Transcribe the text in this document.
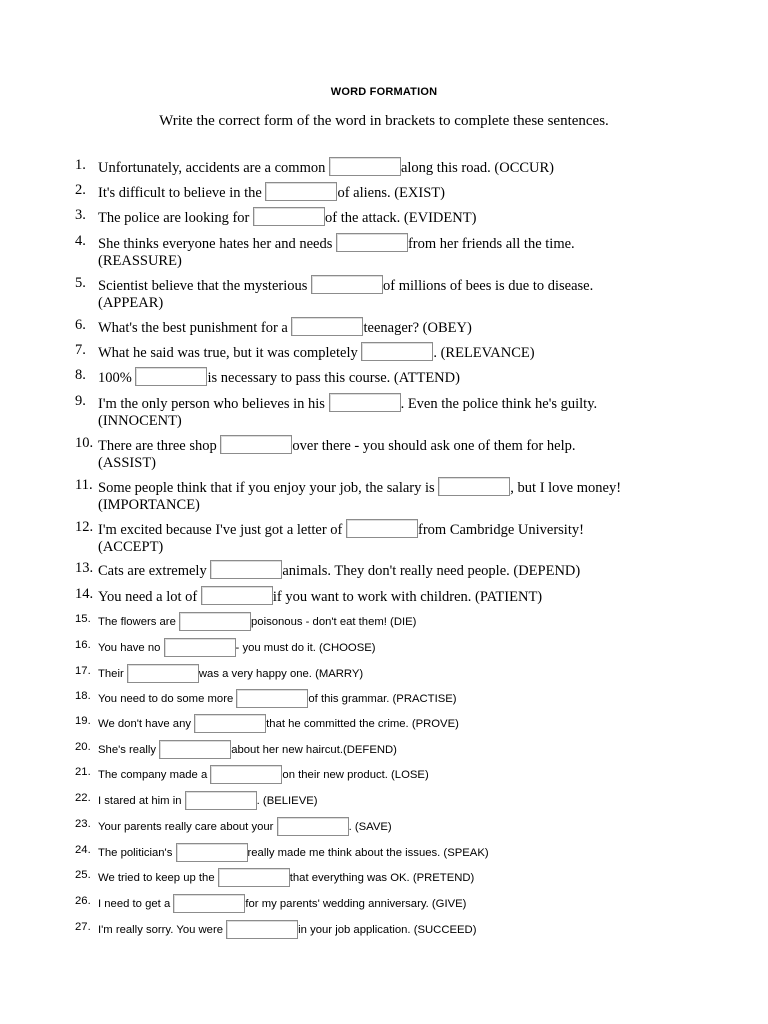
WORD FORMATION
Write the correct form of the word in brackets to complete these sentences.
1. Unfortunately, accidents are a common	along this road. (OCCUR)
2. It's difficult to believe in the	of aliens. (EXIST)
3. The police are looking for	of the attack. (EVIDENT)
4. She thinks everyone hates her and needs	from her friends all the time.
(REASSURE)
5. Scientist believe that the mysterious	of millions of bees is due to disease.
(APPEAR)
6. What's the best punishment for a	teenager? (OBEY)
7. What he said was true, but it was completely	. (RELEVANCE)
8. 100%	is necessary to pass this course. (ATTEND)
9. I'm the only person who believes in his	. Even the police think he's guilty.
(INNOCENT)
10. There are three shop	over there - you should ask one of them for help.
(ASSIST)
11. Some people think that if you enjoy your job, the salary is	, but I love money!
(IMPORTANCE)
12. I'm excited because I've just got a letter of	from Cambridge University!
(ACCEPT)
13. Cats are extremely	animals. They don't really need people. (DEPEND)
14. You need a lot of	if you want to work with children. (PATIENT)
15. The flowers are	poisonous - don't eat them! (DIE)
16. You have no	- you must do it. (CHOOSE)
17. Their	was a very happy one. (MARRY)
18. You need to do some more	of this grammar. (PRACTISE)
19. We don't have any	that he committed the crime. (PROVE)
20. She's really	about her new haircut.(DEFEND)
21. The company made a	on their new product. (LOSE)
22. I stared at him in	. (BELIEVE)
23. Your parents really care about your	. (SAVE)
24. The politician's	really made me think about the issues. (SPEAK)
25. We tried to keep up the	that everything was OK. (PRETEND)
26. I need to get a	for my parents' wedding anniversary. (GIVE)
27. I'm really sorry. You were	in your job application. (SUCCEED)
